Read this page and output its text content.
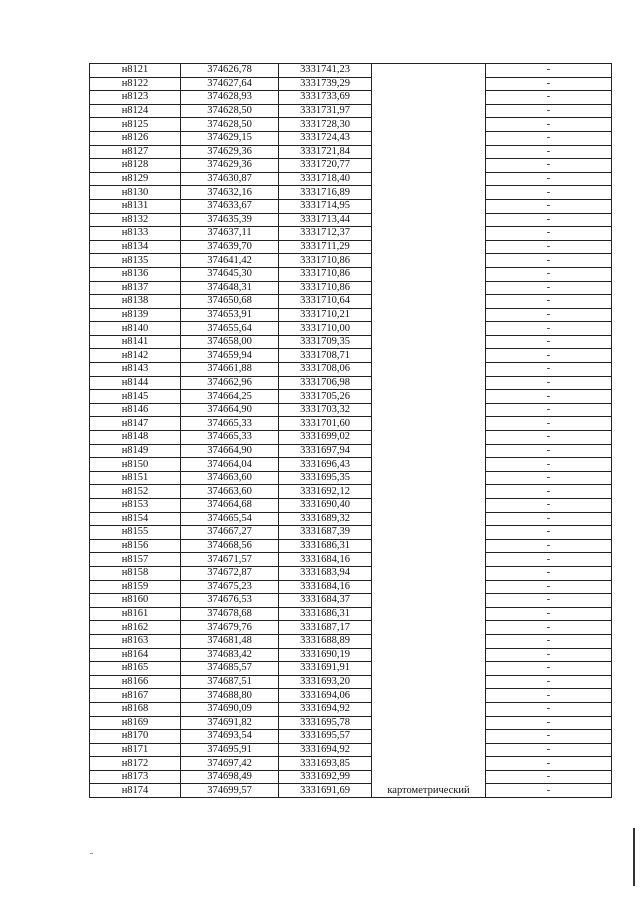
н8121	374626,78	3331741,23		-
н8122	374627,64	3331739,29		-
н8123	374628,93	3331733,69		-
н8124	374628,50	3331731,97		-
н8125	374628,50	3331728,30		-
н8126	374629,15	3331724,43		-
н8127	374629,36	3331721,84		-
н8128	374629,36	3331720,77		-
н8129	374630,87	3331718,40		-
н8130	374632,16	3331716,89		-
н8131	374633,67	3331714,95		-
н8132	374635,39	3331713,44		-
н8133	374637,11	3331712,37		-
н8134	374639,70	3331711,29		-
н8135	374641,42	3331710,86		-
н8136	374645,30	3331710,86		-
н8137	374648,31	3331710,86		-
н8138	374650,68	3331710,64		-
н8139	374653,91	3331710,21		-
н8140	374655,64	3331710,00		-
н8141	374658,00	3331709,35		-
н8142	374659,94	3331708,71		-
н8143	374661,88	3331708,06		-
н8144	374662,96	3331706,98		-
н8145	374664,25	3331705,26		-
н8146	374664,90	3331703,32		-
н8147	374665,33	3331701,60		-
н8148	374665,33	3331699,02		-
н8149	374664,90	3331697,94		-
н8150	374664,04	3331696,43		-
н8151	374663,60	3331695,35		-
н8152	374663,60	3331692,12		-
н8153	374664,68	3331690,40		-
н8154	374665,54	3331689,32		-
н8155	374667,27	3331687,39		-
н8156	374668,56	3331686,31		-
н8157	374671,57	3331684,16		-
н8158	374672,87	3331683,94		-
н8159	374675,23	3331684,16		-
н8160	374676,53	3331684,37		-
н8161	374678,68	3331686,31		-
н8162	374679,76	3331687,17		-
н8163	374681,48	3331688,89		-
н8164	374683,42	3331690,19		-
н8165	374685,57	3331691,91		-
н8166	374687,51	3331693,20		-
н8167	374688,80	3331694,06		-
н8168	374690,09	3331694,92		-
н8169	374691,82	3331695,78		-
н8170	374693,54	3331695,57		-
н8171	374695,91	3331694,92		-
н8172	374697,42	3331693,85		-
н8173	374698,49	3331692,99		-
н8174	374699,57	3331691,69	картометрический	-
